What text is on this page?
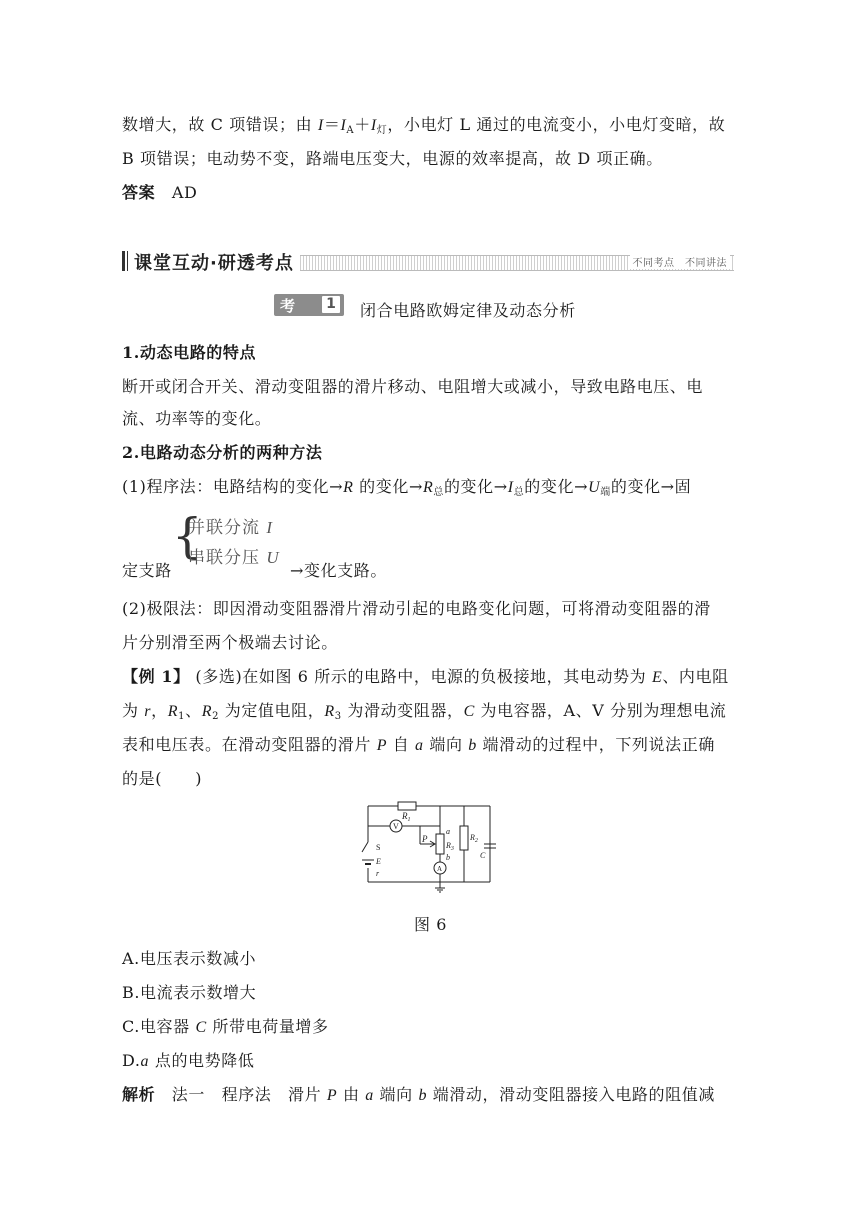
数增大，故 C 项错误；由 $I=I_A+I_灯$，小电灯 L 通过的电流变小，小电灯变暗，故
B 项错误；电动势不变，路端电压变大，电源的效率提高，故 D 项正确。
答案　 AD
课堂互动·研透考点	不同考点　不同讲法
考点
1 闭合电路欧姆定律及动态分析
1.动态电路的特点
断开或闭合开关、滑动变阻器的滑片移动、电阻增大或减小，导致电路电压、电
流、功率等的变化。
2.电路动态分析的两种方法
(1)程序法：电路结构的变化→R 的变化$\to R_总$的变化$\to I_总$的变化$\to U_端$的变化→固
{
并联分流 I
串联分压 U
定支路	→变化支路。
(2)极限法：即因滑动变阻器滑片滑动引起的电路变化问题，可将滑动变阻器的滑
片分别滑至两个极端去讨论。
【例 1】 (多选)在如图 6 所示的电路中，电源的负极接地，其电动势为 E、内电阻
为 r，$R_1$、$R_2$ 为定值电阻，$R_3$ 为滑动变阻器，C 为电容器，A、V 分别为理想电流
表和电压表。在滑动变阻器的滑片 P 自 a 端向 b 端滑动的过程中，下列说法正确
的是(　　)
$R_1$
V
a
P
$R_3$
b
$R_2$
C
S
E
r	A
图 6
A.电压表示数减小
B.电流表示数增大
C.电容器 C 所带电荷量增多
D.a 点的电势降低
解析　法一　程序法　滑片 P 由 a 端向 b 端滑动，滑动变阻器接入电路的阻值减
